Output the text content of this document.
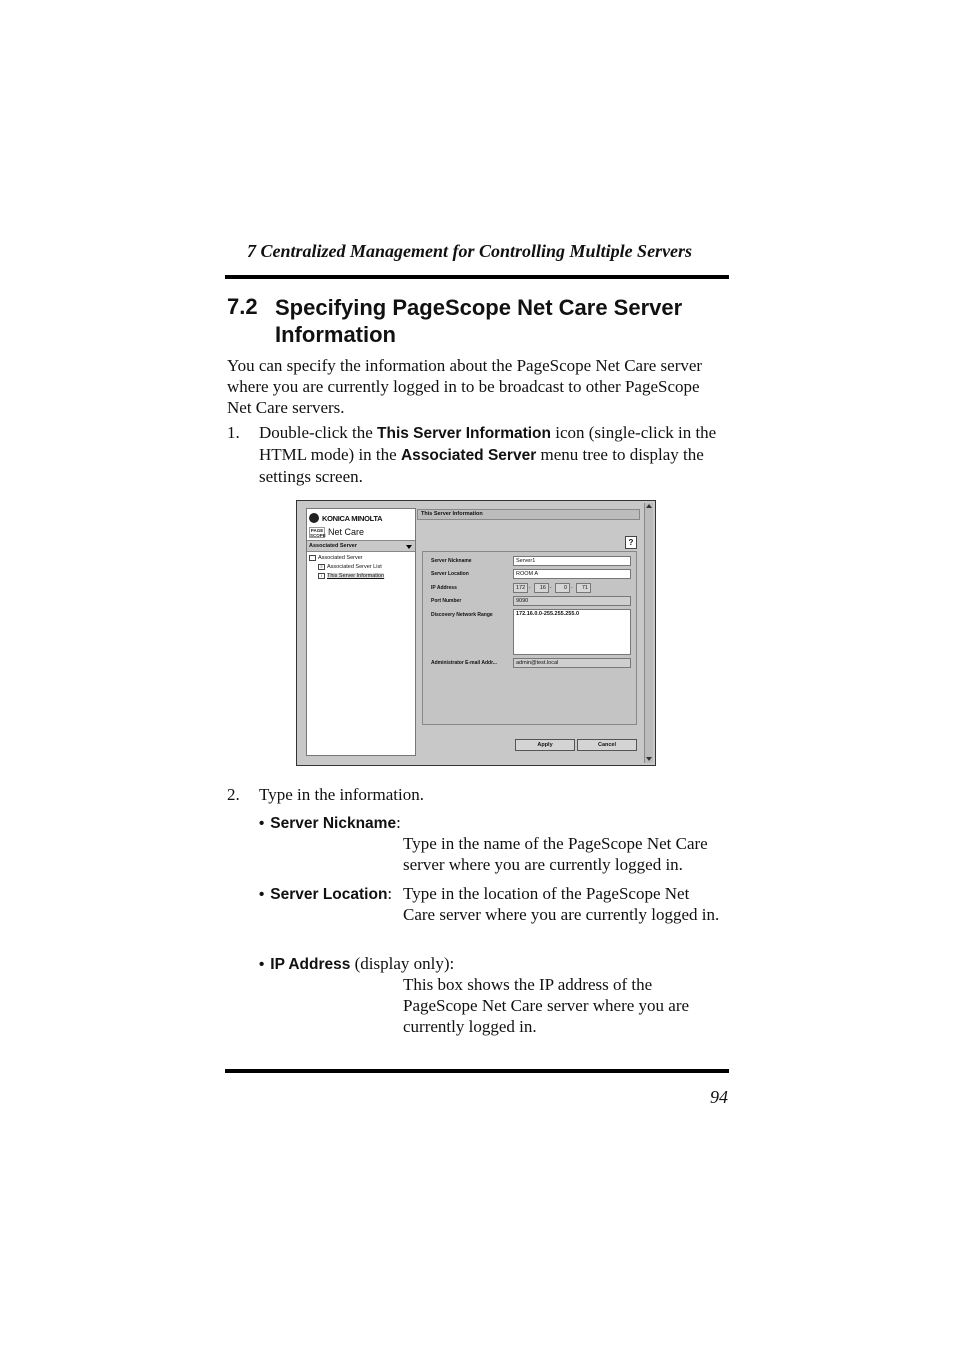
7 Centralized Management for Controlling Multiple Servers
7.2 Specifying PageScope Net Care Server Information
You can specify the information about the PageScope Net Care server where you are currently logged in to be broadcast to other PageScope Net Care servers.
1. Double-click the This Server Information icon (single-click in the HTML mode) in the Associated Server menu tree to display the settings screen.
KONICA MINOLTA
PAGE SCOPE Net Care
Associated Server
Associated Server
≡ Associated Server List
i This Server Information
This Server Information
?
Server Nickname	Server1
Server Location	ROOM A
IP Address	172 .	16 .	0 .	71
Port Number	9090
Discovery Network Range	172.16.0.0-255.255.255.0
Administrator E-mail Addr...	admin@test.local
Apply	Cancel
2. Type in the information.
• Server Nickname:
Type in the name of the PageScope Net Care server where you are currently logged in.
• Server Location: Type in the location of the PageScope Net Care server where you are currently logged in.
• IP Address (display only):
This box shows the IP address of the PageScope Net Care server where you are currently logged in.
94
